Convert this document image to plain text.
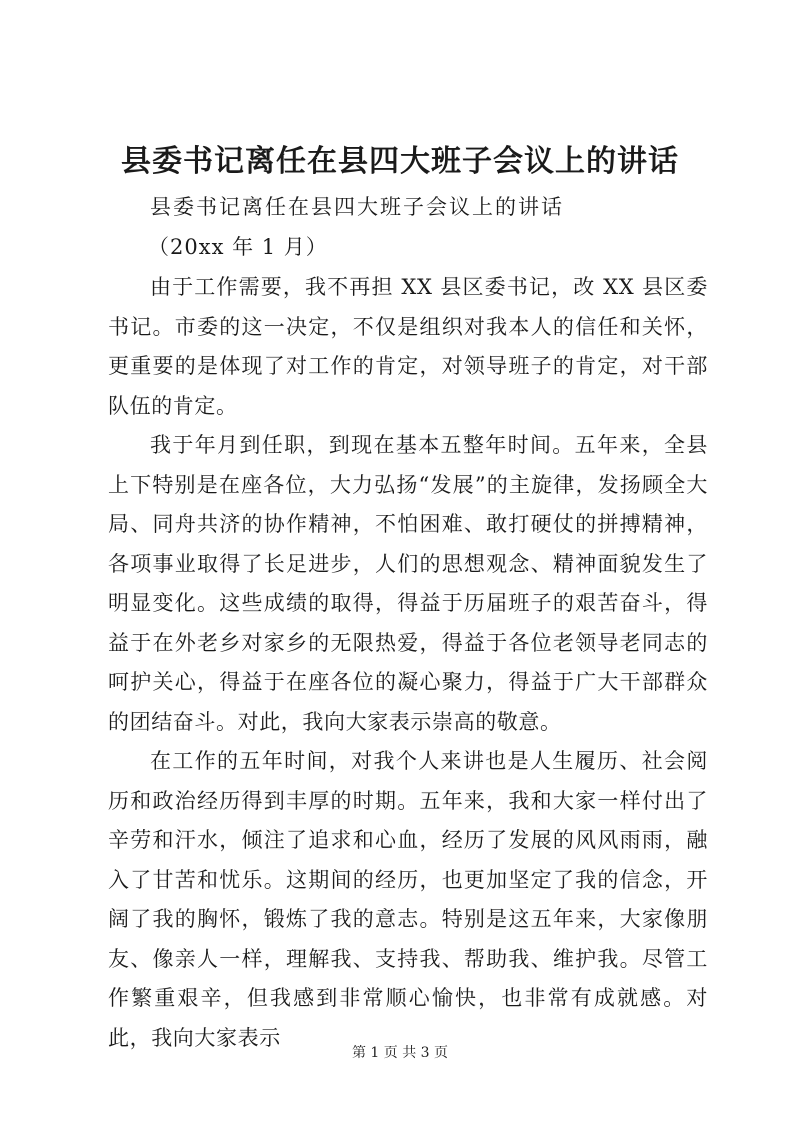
县委书记离任在县四大班子会议上的讲话
县委书记离任在县四大班子会议上的讲话
（20xx 年 1 月）

由于工作需要，我不再担 XX 县区委书记，改 XX 县区委书记。市委的这一决定，不仅是组织对我本人的信任和关怀，更重要的是体现了对工作的肯定，对领导班子的肯定，对干部队伍的肯定。

我于年月到任职，到现在基本五整年时间。五年来，全县上下特别是在座各位，大力弘扬“发展”的主旋律，发扬顾全大局、同舟共济的协作精神，不怕困难、敢打硬仗的拼搏精神，各项事业取得了长足进步，人们的思想观念、精神面貌发生了明显变化。这些成绩的取得，得益于历届班子的艰苦奋斗，得益于在外老乡对家乡的无限热爱，得益于各位老领导老同志的呵护关心，得益于在座各位的凝心聚力，得益于广大干部群众的团结奋斗。对此，我向大家表示崇高的敬意。

在工作的五年时间，对我个人来讲也是人生履历、社会阅历和政治经历得到丰厚的时期。五年来，我和大家一样付出了辛劳和汗水，倾注了追求和心血，经历了发展的风风雨雨，融入了甘苦和忧乐。这期间的经历，也更加坚定了我的信念，开阔了我的胸怀，锻炼了我的意志。特别是这五年来，大家像朋友、像亲人一样，理解我、支持我、帮助我、维护我。尽管工作繁重艰辛，但我感到非常顺心愉快，也非常有成就感。对此，我向大家表示

第 1 页 共 3 页
